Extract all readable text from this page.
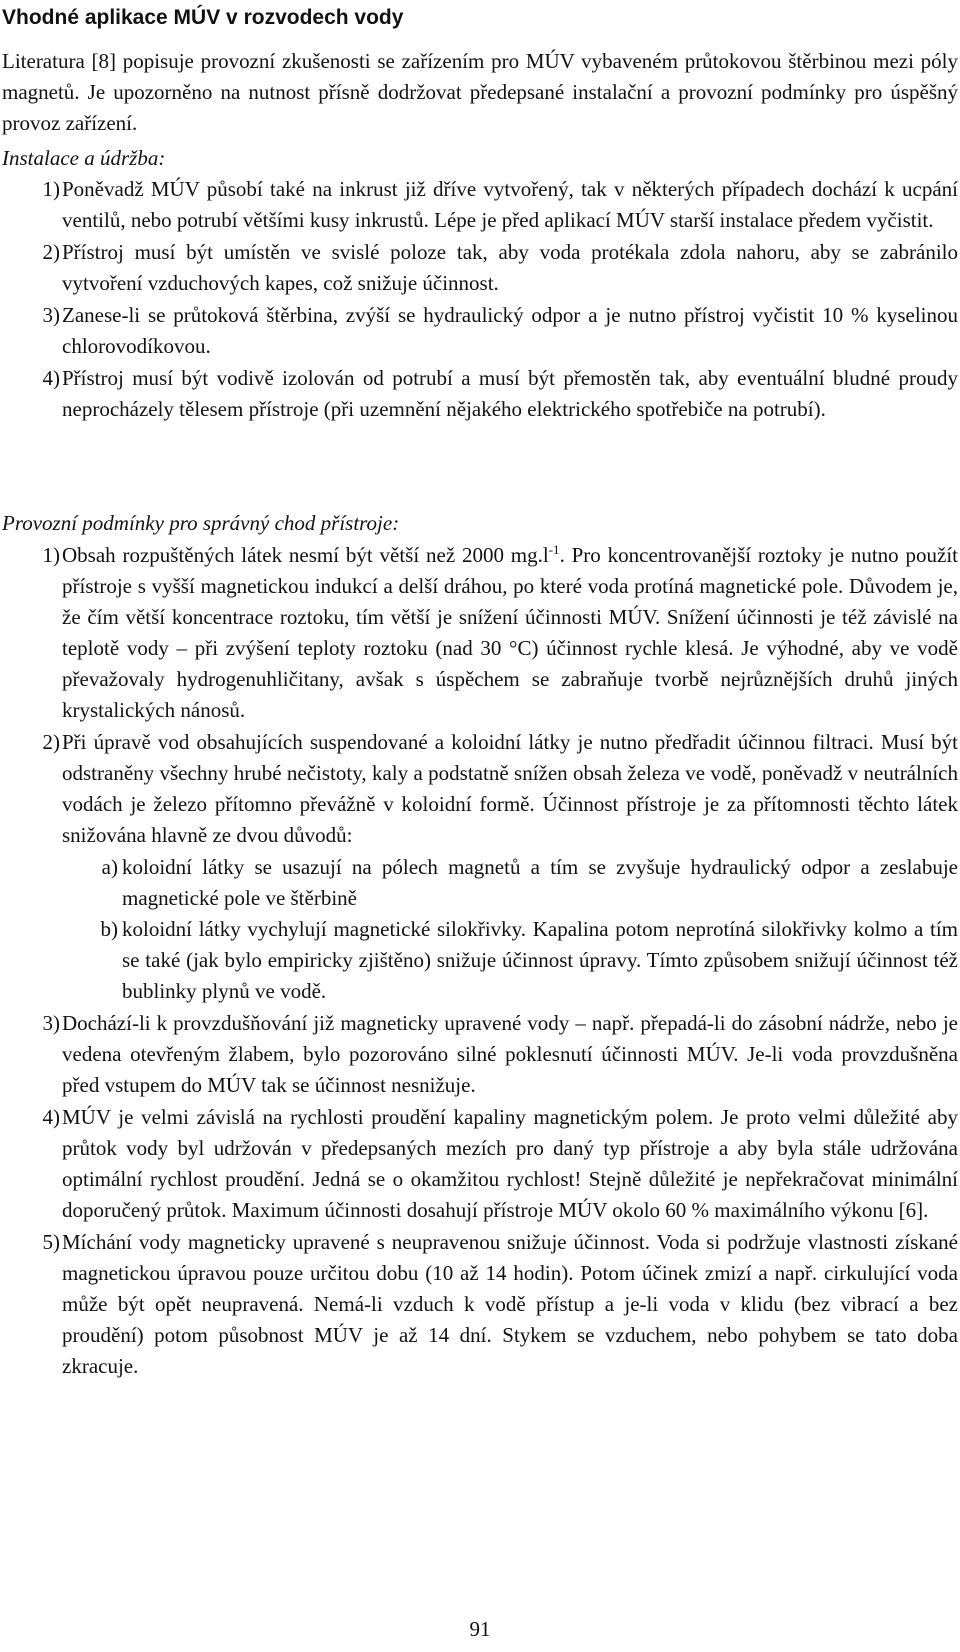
Vhodné aplikace MÚV v rozvodech vody

Literatura [8] popisuje provozní zkušenosti se zařízením pro MÚV vybaveném průtokovou štěrbinou mezi póly magnetů. Je upozorněno na nutnost přísně dodržovat předepsané instalační a provozní podmínky pro úspěšný provoz zařízení.

Instalace a údržba:

1) Poněvadž MÚV působí také na inkrust již dříve vytvořený, tak v některých případech dochází k ucpání ventilů, nebo potrubí většími kusy inkrustů. Lépe je před aplikací MÚV starší instalace předem vyčistit.
2) Přístroj musí být umístěn ve svislé poloze tak, aby voda protékala zdola nahoru, aby se zabránilo vytvoření vzduchových kapes, což snižuje účinnost.
3) Zanese-li se průtoková štěrbina, zvýší se hydraulický odpor a je nutno přístroj vyčistit 10 % kyselinou chlorovodíkovou.
4) Přístroj musí být vodivě izolován od potrubí a musí být přemostěn tak, aby eventuální bludné proudy neprocházely tělesem přístroje (při uzemnění nějakého elektrického spotřebiče na potrubí).

Provozní podmínky pro správný chod přístroje:

1) Obsah rozpuštěných látek nesmí být větší než 2000 $mg.l^{-1}$. Pro koncentrovanější roztoky je nutno použít přístroje s vyšší magnetickou indukcí a delší dráhou, po které voda protíná magnetické pole. Důvodem je, že čím větší koncentrace roztoku, tím větší je snížení účinnosti MÚV. Snížení účinnosti je též závislé na teplotě vody – při zvýšení teploty roztoku (nad 30 °C) účinnost rychle klesá. Je výhodné, aby ve vodě převažovaly hydrogenuhličitany, avšak s úspěchem se zabraňuje tvorbě nejrůznějších druhů jiných krystalických nánosů.
2) Při úpravě vod obsahujících suspendované a koloidní látky je nutno předřadit účinnou filtraci. Musí být odstraněny všechny hrubé nečistoty, kaly a podstatně snížen obsah železa ve vodě, poněvadž v neutrálních vodách je železo přítomno převážně v koloidní formě. Účinnost přístroje je za přítomnosti těchto látek snižována hlavně ze dvou důvodů:
a) koloidní látky se usazují na pólech magnetů a tím se zvyšuje hydraulický odpor a zeslabuje magnetické pole ve štěrbině
b) koloidní látky vychylují magnetické silokřivky. Kapalina potom neprotíná silokřivky kolmo a tím se také (jak bylo empiricky zjištěno) snižuje účinnost úpravy. Tímto způsobem snižují účinnost též bublinky plynů ve vodě.
3) Dochází-li k provzdušňování již magneticky upravené vody – např. přepadá-li do zásobní nádrže, nebo je vedena otevřeným žlabem, bylo pozorováno silné poklesnutí účinnosti MÚV. Je-li voda provzdušněna před vstupem do MÚV tak se účinnost nesnižuje.
4) MÚV je velmi závislá na rychlosti proudění kapaliny magnetickým polem. Je proto velmi důležité aby průtok vody byl udržován v předepsaných mezích pro daný typ přístroje a aby byla stále udržována optimální rychlost proudění. Jedná se o okamžitou rychlost! Stejně důležité je nepřekračovat minimální doporučený průtok. Maximum účinnosti dosahují přístroje MÚV okolo 60 % maximálního výkonu [6].
5) Míchání vody magneticky upravené s neupravenou snižuje účinnost. Voda si podržuje vlastnosti získané magnetickou úpravou pouze určitou dobu (10 až 14 hodin). Potom účinek zmizí a např. cirkulující voda může být opět neupravená. Nemá-li vzduch k vodě přístup a je-li voda v klidu (bez vibrací a bez proudění) potom působnost MÚV je až 14 dní. Stykem se vzduchem, nebo pohybem se tato doba zkracuje.
91
